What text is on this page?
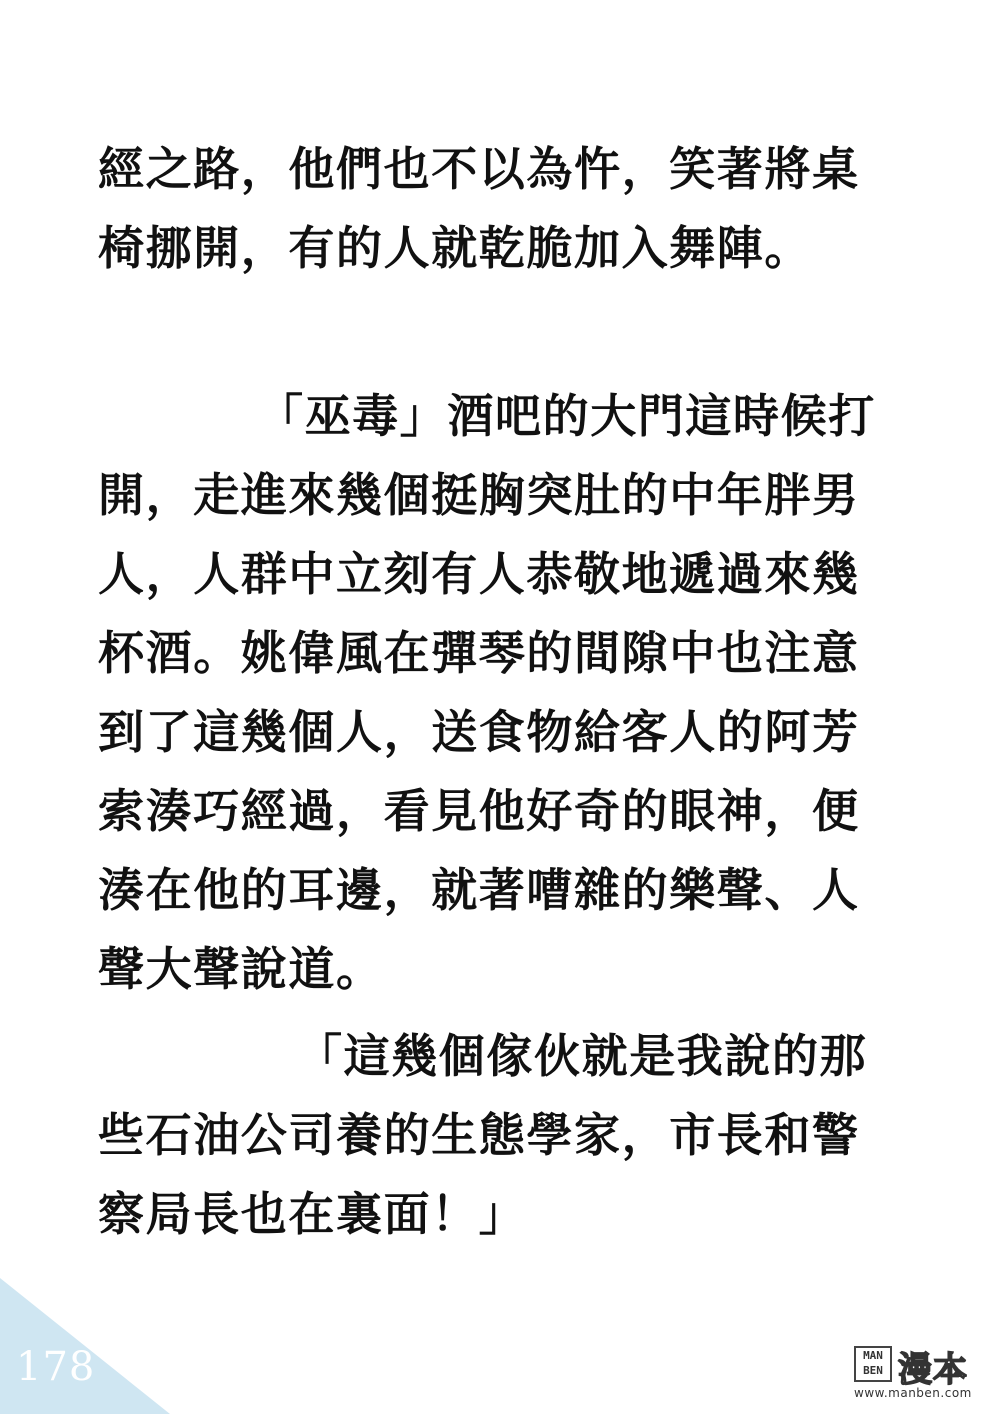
經之路，他們也不以為忤，笑著將桌
椅挪開，有的人就乾脆加入舞陣。
「巫毒」酒吧的大門這時候打
開，走進來幾個挺胸突肚的中年胖男
人，人群中立刻有人恭敬地遞過來幾
杯酒。姚偉風在彈琴的間隙中也注意
到了這幾個人，送食物給客人的阿芳
索湊巧經過，看見他好奇的眼神，便
湊在他的耳邊，就著嘈雜的樂聲、人
聲大聲說道。
「這幾個傢伙就是我說的那
些石油公司養的生態學家，市長和警
察局長也在裏面！」
178	MAN BEN 漫本
www.manben.com
